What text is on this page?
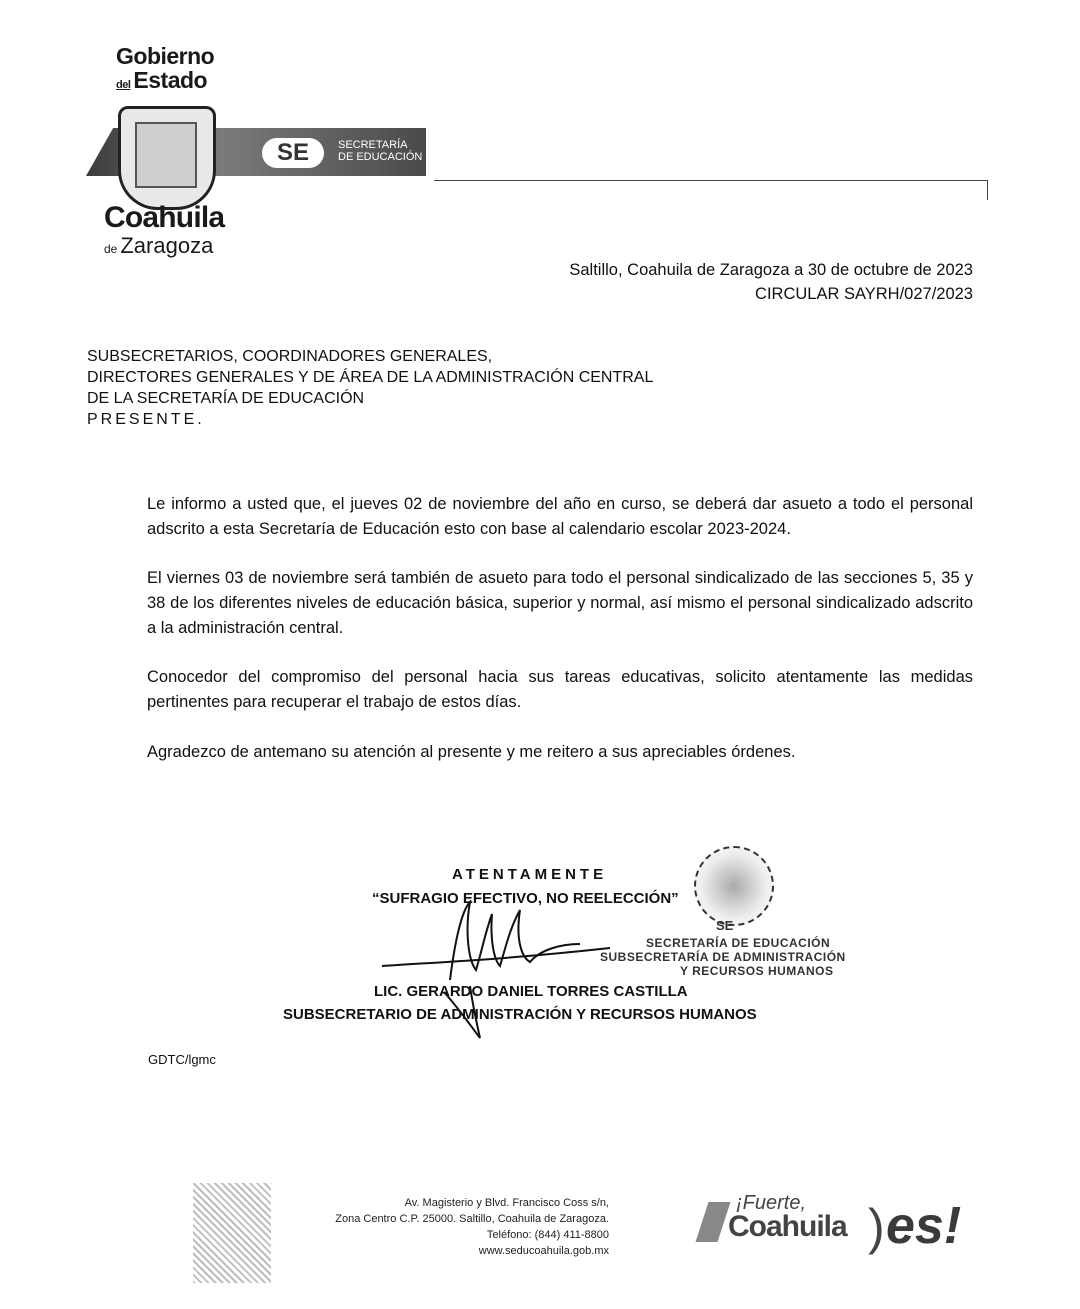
Gobierno
del Estado
SE	SECRETARÍA
DE EDUCACIÓN
Coahuila
de Zaragoza
Saltillo, Coahuila de Zaragoza a 30 de octubre de 2023
CIRCULAR SAYRH/027/2023
SUBSECRETARIOS, COORDINADORES GENERALES,
DIRECTORES GENERALES Y DE ÁREA DE LA ADMINISTRACIÓN CENTRAL
DE LA SECRETARÍA DE EDUCACIÓN
PRESENTE.
Le informo a usted que, el jueves 02 de noviembre del año en curso, se deberá dar asueto a todo el personal adscrito a esta Secretaría de Educación esto con base al calendario escolar 2023-2024.
El viernes 03 de noviembre será también de asueto para todo el personal sindicalizado de las secciones 5, 35 y 38 de los diferentes niveles de educación básica, superior y normal, así mismo el personal sindicalizado adscrito a la administración central.
Conocedor del compromiso del personal hacia sus tareas educativas, solicito atentamente las medidas pertinentes para recuperar el trabajo de estos días.
Agradezco de antemano su atención al presente y me reitero a sus apreciables órdenes.
ATENTAMENTE
“SUFRAGIO EFECTIVO, NO REELECCIÓN”
SE
SECRETARÍA DE EDUCACIÓN
SUBSECRETARÍA DE ADMINISTRACIÓN
Y RECURSOS HUMANOS
LIC. GERARDO DANIEL TORRES CASTILLA
SUBSECRETARIO DE ADMINISTRACIÓN Y RECURSOS HUMANOS
GDTC/lgmc
Av. Magisterio y Blvd. Francisco Coss s/n,
Zona Centro C.P. 25000. Saltillo, Coahuila de Zaragoza.
Teléfono: (844) 411-8800
www.seducoahuila.gob.mx
¡Fuerte,
Coahuila ) es!
